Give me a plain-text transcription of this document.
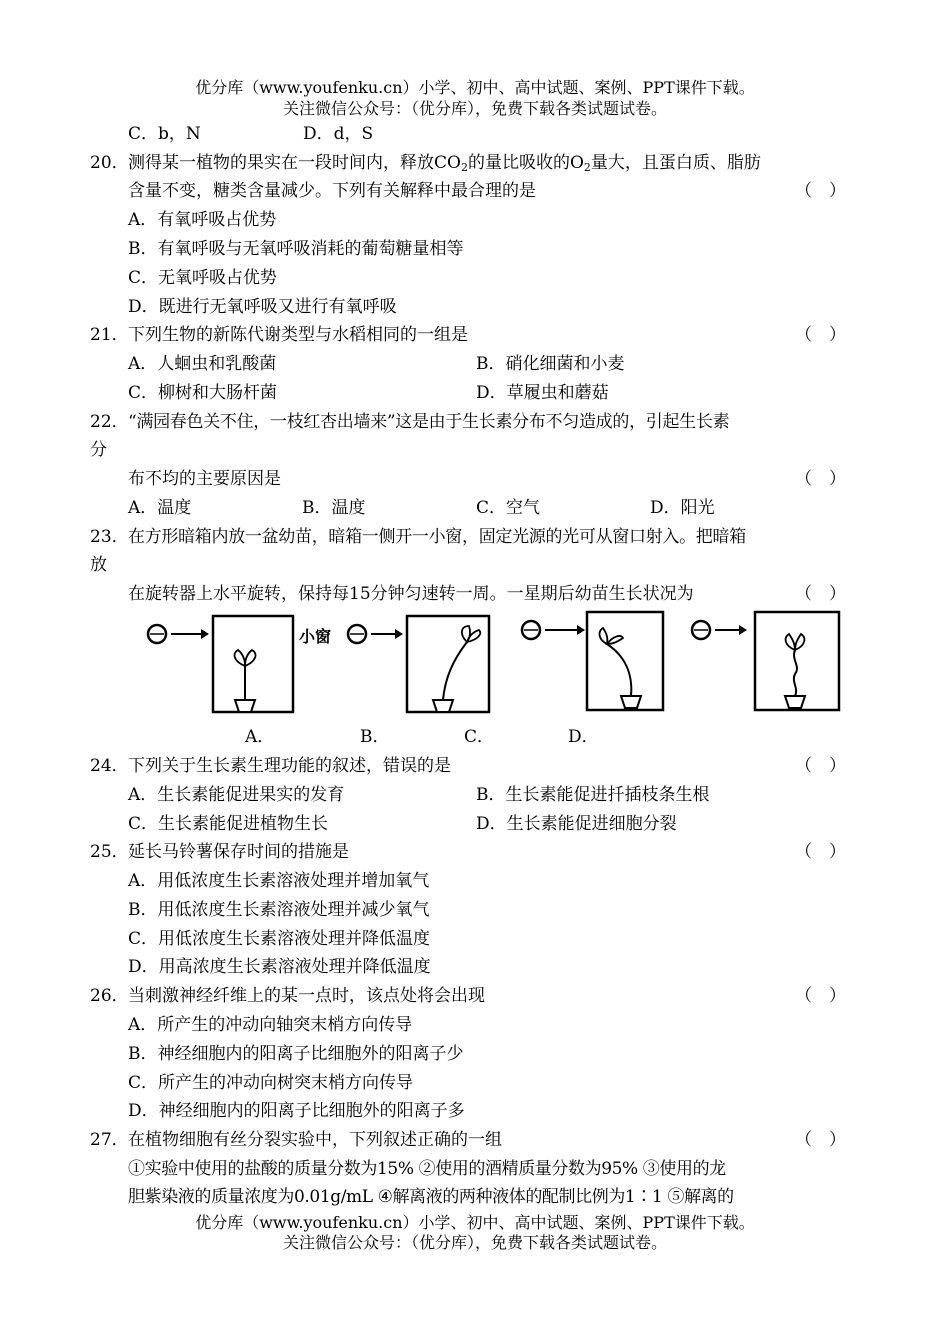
优分库（www.youfenku.cn）小学、初中、高中试题、案例、PPT课件下载。
关注微信公众号：（优分库），免费下载各类试题试卷。
C．b，N	D．d，S
20． 测得某一植物的果实在一段时间内，释放$CO_2$的量比吸收的$O_2$量大，且蛋白质、脂肪
含量不变，糖类含量减少。下列有关解释中最合理的是	（　）
A．有氧呼吸占优势
B．有氧呼吸与无氧呼吸消耗的葡萄糖量相等
C．无氧呼吸占优势
D．既进行无氧呼吸又进行有氧呼吸
21． 下列生物的新陈代谢类型与水稻相同的一组是	（　）
A．人蛔虫和乳酸菌	B．硝化细菌和小麦
C．柳树和大肠杆菌	D．草履虫和蘑菇
22． “满园春色关不住，一枝红杏出墙来”这是由于生长素分布不匀造成的，引起生长素
分
布不均的主要原因是	（　）
A．温度	B．温度	C．空气	D．阳光
23． 在方形暗箱内放一盆幼苗，暗箱一侧开一小窗，固定光源的光可从窗口射入。把暗箱
放
在旋转器上水平旋转，保持每15分钟匀速转一周。一星期后幼苗生长状况为	（　）
小窗
A．	B．	C．	D．
24． 下列关于生长素生理功能的叙述，错误的是	（　）
A．生长素能促进果实的发育	B．生长素能促进扦插枝条生根
C．生长素能促进植物生长	D．生长素能促进细胞分裂
25． 延长马铃薯保存时间的措施是	（　）
A．用低浓度生长素溶液处理并增加氧气
B．用低浓度生长素溶液处理并减少氧气
C．用低浓度生长素溶液处理并降低温度
D．用高浓度生长素溶液处理并降低温度
26． 当刺激神经纤维上的某一点时，该点处将会出现	（　）
A．所产生的冲动向轴突末梢方向传导
B．神经细胞内的阳离子比细胞外的阳离子少
C．所产生的冲动向树突末梢方向传导
D．神经细胞内的阳离子比细胞外的阳离子多
27． 在植物细胞有丝分裂实验中，下列叙述正确的一组	（　）
①实验中使用的盐酸的质量分数为15% ②使用的酒精质量分数为95% ③使用的龙
胆紫染液的质量浓度为0.01g/mL ④解离液的两种液体的配制比例为1∶1 ⑤解离的
优分库（www.youfenku.cn）小学、初中、高中试题、案例、PPT课件下载。
关注微信公众号：（优分库），免费下载各类试题试卷。
